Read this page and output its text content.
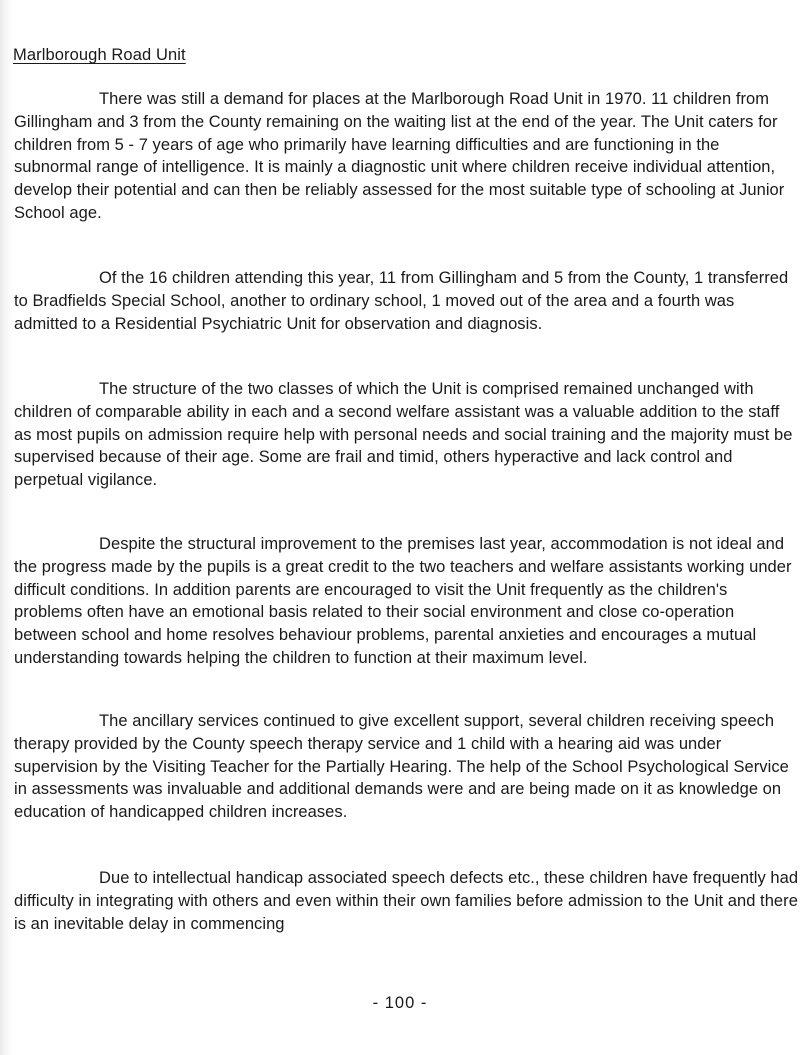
Marlborough Road Unit

There was still a demand for places at the Marlborough Road Unit in 1970. 11 children from Gillingham and 3 from the County remaining on the waiting list at the end of the year. The Unit caters for children from 5 - 7 years of age who primarily have learning difficulties and are functioning in the subnormal range of intelligence. It is mainly a diagnostic unit where children receive individual attention, develop their potential and can then be reliably assessed for the most suitable type of schooling at Junior School age.

Of the 16 children attending this year, 11 from Gillingham and 5 from the County, 1 transferred to Bradfields Special School, another to ordinary school, 1 moved out of the area and a fourth was admitted to a Residential Psychiatric Unit for observation and diagnosis.

The structure of the two classes of which the Unit is comprised remained unchanged with children of comparable ability in each and a second welfare assistant was a valuable addition to the staff as most pupils on admission require help with personal needs and social training and the majority must be supervised because of their age. Some are frail and timid, others hyperactive and lack control and perpetual vigilance.

Despite the structural improvement to the premises last year, accommodation is not ideal and the progress made by the pupils is a great credit to the two teachers and welfare assistants working under difficult conditions. In addition parents are encouraged to visit the Unit frequently as the children's problems often have an emotional basis related to their social environment and close co-operation between school and home resolves behaviour problems, parental anxieties and encourages a mutual understanding towards helping the children to function at their maximum level.

The ancillary services continued to give excellent support, several children receiving speech therapy provided by the County speech therapy service and 1 child with a hearing aid was under supervision by the Visiting Teacher for the Partially Hearing. The help of the School Psychological Service in assessments was invaluable and additional demands were and are being made on it as knowledge on education of handicapped children increases.

Due to intellectual handicap associated speech defects etc., these children have frequently had difficulty in integrating with others and even within their own families before admission to the Unit and there is an inevitable delay in commencing

- 100 -
